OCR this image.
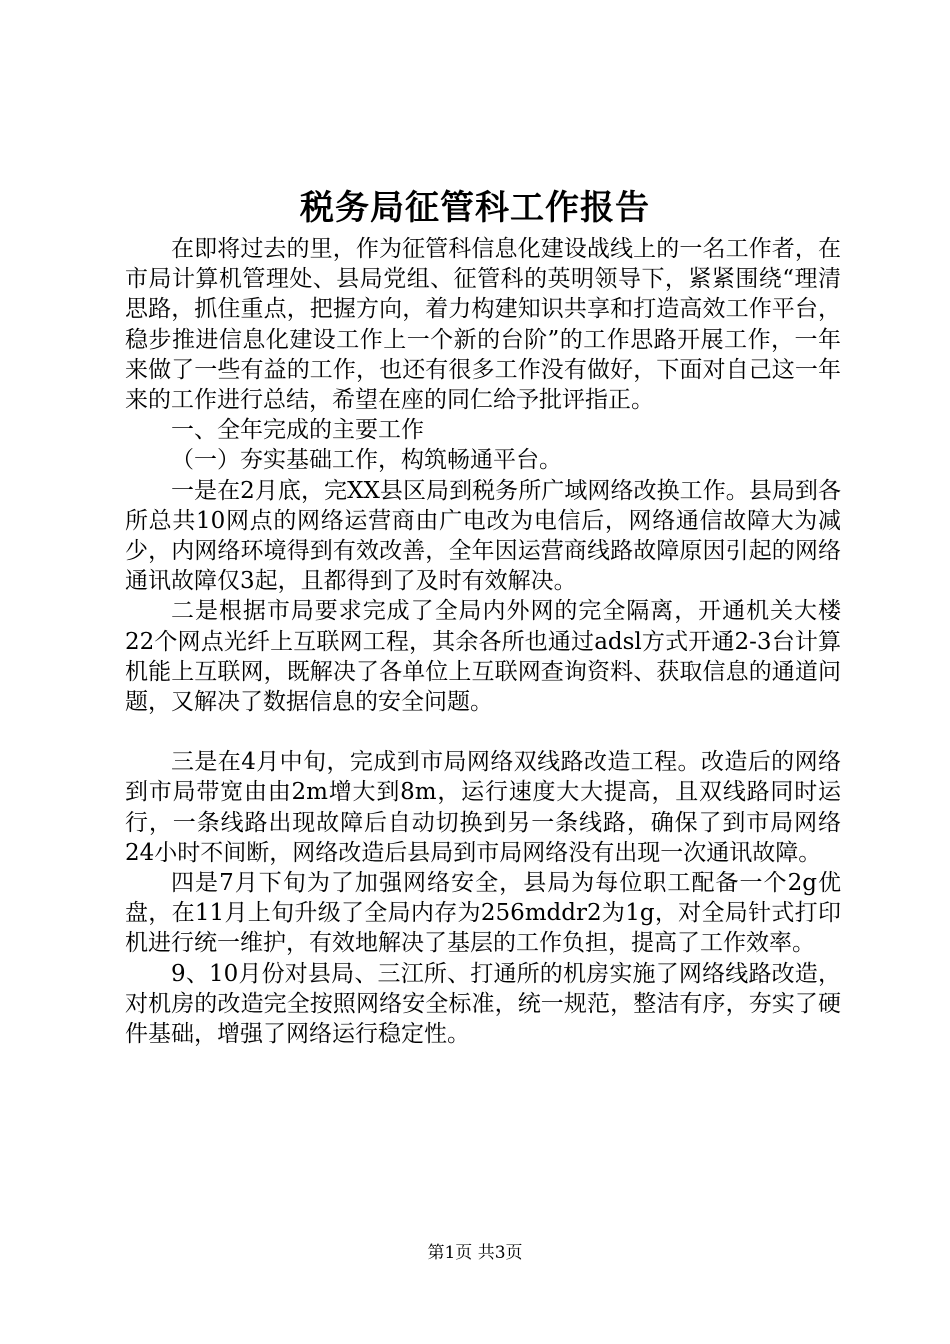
税务局征管科工作报告

在即将过去的里，作为征管科信息化建设战线上的一名工作者，在市局计算机管理处、县局党组、征管科的英明领导下，紧紧围绕“理清思路，抓住重点，把握方向，着力构建知识共享和打造高效工作平台，稳步推进信息化建设工作上一个新的台阶”的工作思路开展工作，一年来做了一些有益的工作，也还有很多工作没有做好，下面对自己这一年来的工作进行总结，希望在座的同仁给予批评指正。

一、全年完成的主要工作

（一）夯实基础工作，构筑畅通平台。

一是在2月底，完XX县区局到税务所广域网络改换工作。县局到各所总共10网点的网络运营商由广电改为电信后，网络通信故障大为减少，内网络环境得到有效改善，全年因运营商线路故障原因引起的网络通讯故障仅3起，且都得到了及时有效解决。

二是根据市局要求完成了全局内外网的完全隔离，开通机关大楼22个网点光纤上互联网工程，其余各所也通过adsl方式开通2-3台计算机能上互联网，既解决了各单位上互联网查询资料、获取信息的通道问题，又解决了数据信息的安全问题。

三是在4月中旬，完成到市局网络双线路改造工程。改造后的网络到市局带宽由由2m增大到8m，运行速度大大提高，且双线路同时运行，一条线路出现故障后自动切换到另一条线路，确保了到市局网络24小时不间断，网络改造后县局到市局网络没有出现一次通讯故障。

四是7月下旬为了加强网络安全，县局为每位职工配备一个2g优盘，在11月上旬升级了全局内存为256mddr2为1g，对全局针式打印机进行统一维护，有效地解决了基层的工作负担，提高了工作效率。

9、10月份对县局、三江所、打通所的机房实施了网络线路改造，对机房的改造完全按照网络安全标准，统一规范，整洁有序，夯实了硬件基础，增强了网络运行稳定性。

第1页 共3页
